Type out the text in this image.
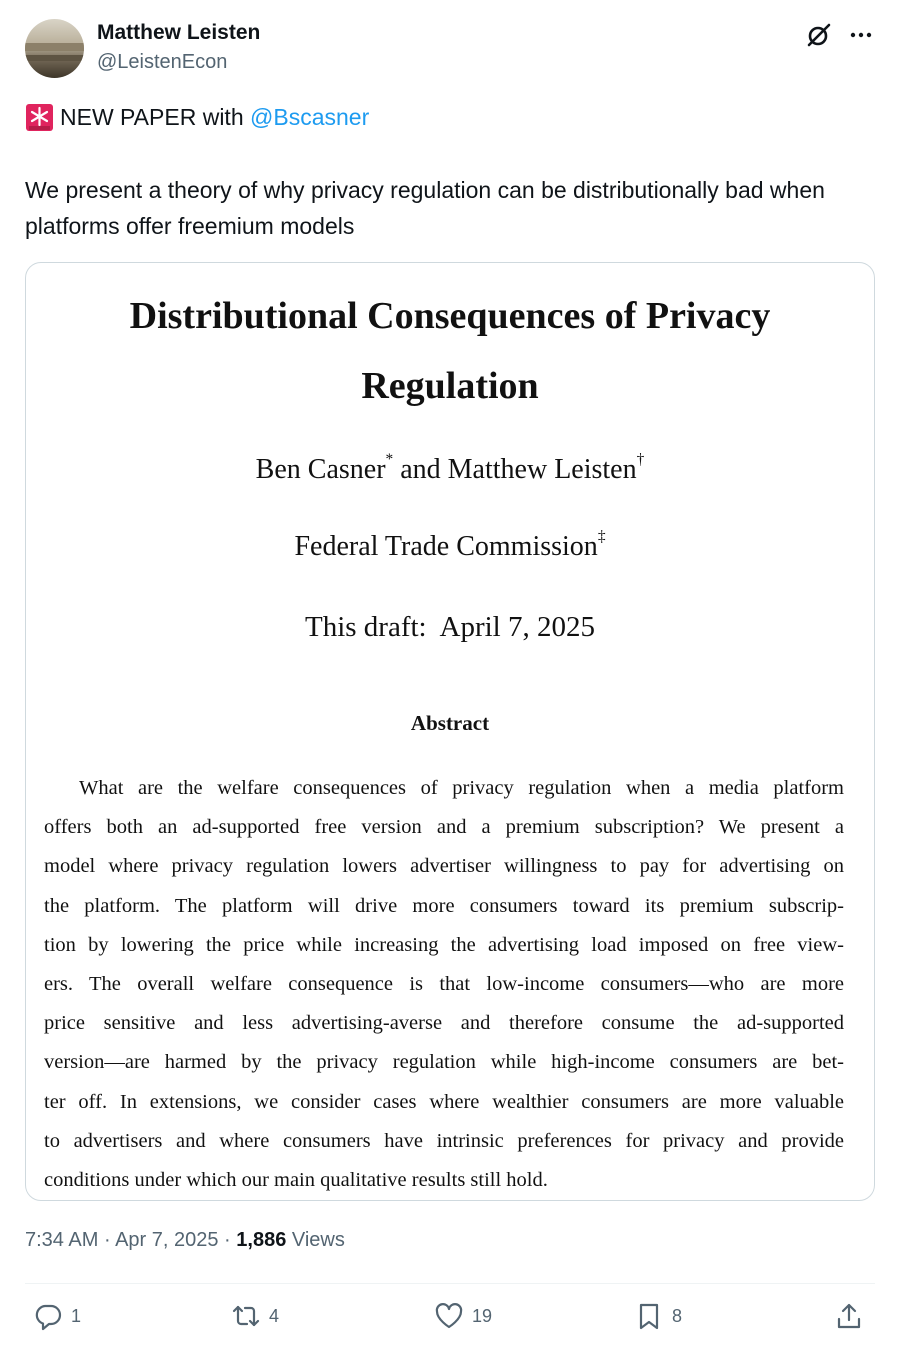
Matthew Leisten
@LeistenEcon
NEW PAPER with @Bscasner
We present a theory of why privacy regulation can be distributionally bad when platforms offer freemium models
Distributional Consequences of Privacy Regulation
Ben Casner* and Matthew Leisten†
Federal Trade Commission‡
This draft:  April 7, 2025
Abstract
What are the welfare consequences of privacy regulation when a media platform
offers both an ad-supported free version and a premium subscription? We present a
model where privacy regulation lowers advertiser willingness to pay for advertising on
the platform. The platform will drive more consumers toward its premium subscrip-
tion by lowering the price while increasing the advertising load imposed on free view-
ers. The overall welfare consequence is that low-income consumers—who are more
price sensitive and less advertising-averse and therefore consume the ad-supported
version—are harmed by the privacy regulation while high-income consumers are bet-
ter off. In extensions, we consider cases where wealthier consumers are more valuable
to advertisers and where consumers have intrinsic preferences for privacy and provide
conditions under which our main qualitative results still hold.
7:34 AM · Apr 7, 2025 · 1,886 Views
1	4	19	8
